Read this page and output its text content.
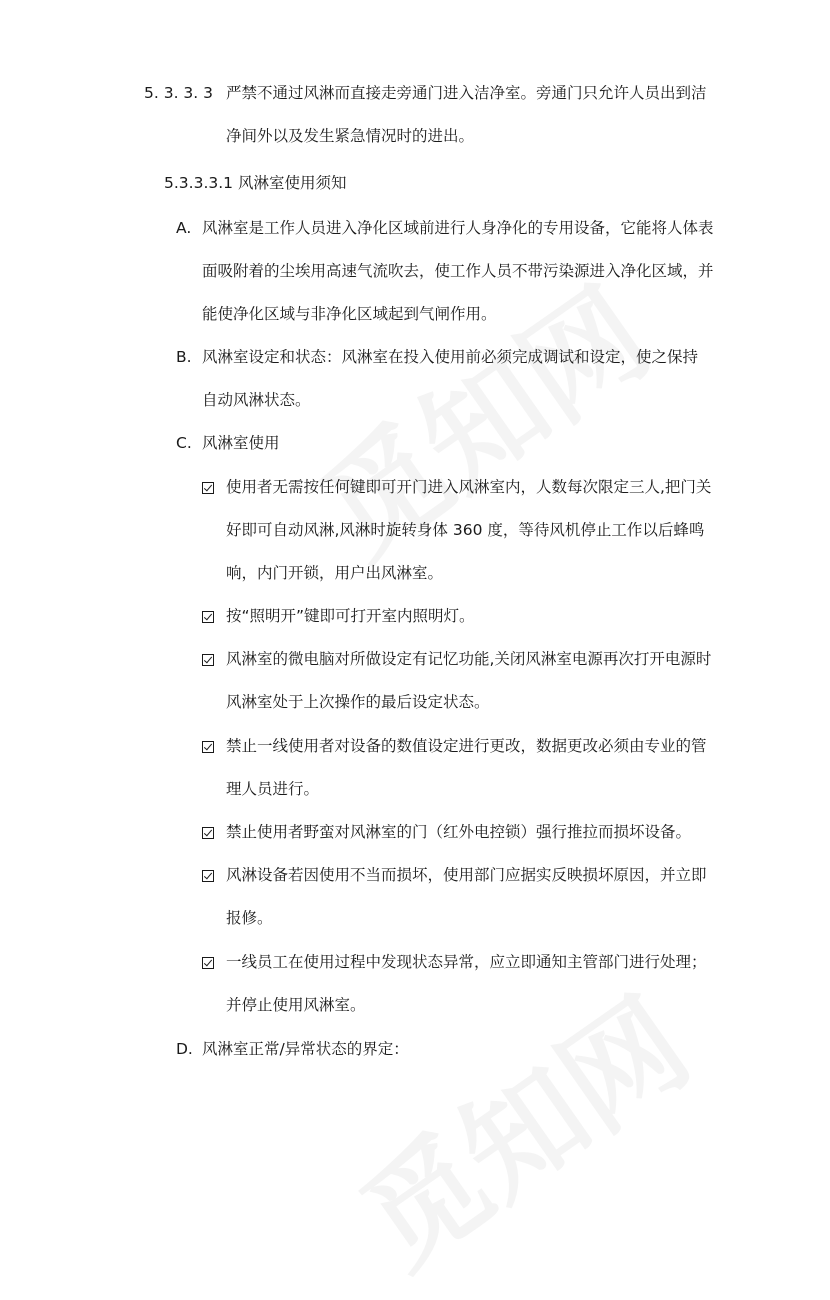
5. 3. 3. 3 严禁不通过风淋而直接走旁通门进入洁净室。旁通门只允许人员出到洁
净间外以及发生紧急情况时的进出。
5.3.3.3.1 风淋室使用须知
A. 风淋室是工作人员进入净化区域前进行人身净化的专用设备，它能将人体表
面吸附着的尘埃用高速气流吹去，使工作人员不带污染源进入净化区域，并
能使净化区域与非净化区域起到气闸作用。
B. 风淋室设定和状态：风淋室在投入使用前必须完成调试和设定，使之保持
自动风淋状态。
C. 风淋室使用
使用者无需按任何键即可开门进入风淋室内，人数每次限定三人,把门关
好即可自动风淋,风淋时旋转身体 360 度，等待风机停止工作以后蜂鸣
响，内门开锁，用户出风淋室。
按“照明开”键即可打开室内照明灯。
风淋室的微电脑对所做设定有记忆功能,关闭风淋室电源再次打开电源时
风淋室处于上次操作的最后设定状态。
禁止一线使用者对设备的数值设定进行更改，数据更改必须由专业的管
理人员进行。
禁止使用者野蛮对风淋室的门（红外电控锁）强行推拉而损坏设备。
风淋设备若因使用不当而损坏，使用部门应据实反映损坏原因，并立即
报修。
一线员工在使用过程中发现状态异常，应立即通知主管部门进行处理；
并停止使用风淋室。
D. 风淋室正常/异常状态的界定：
